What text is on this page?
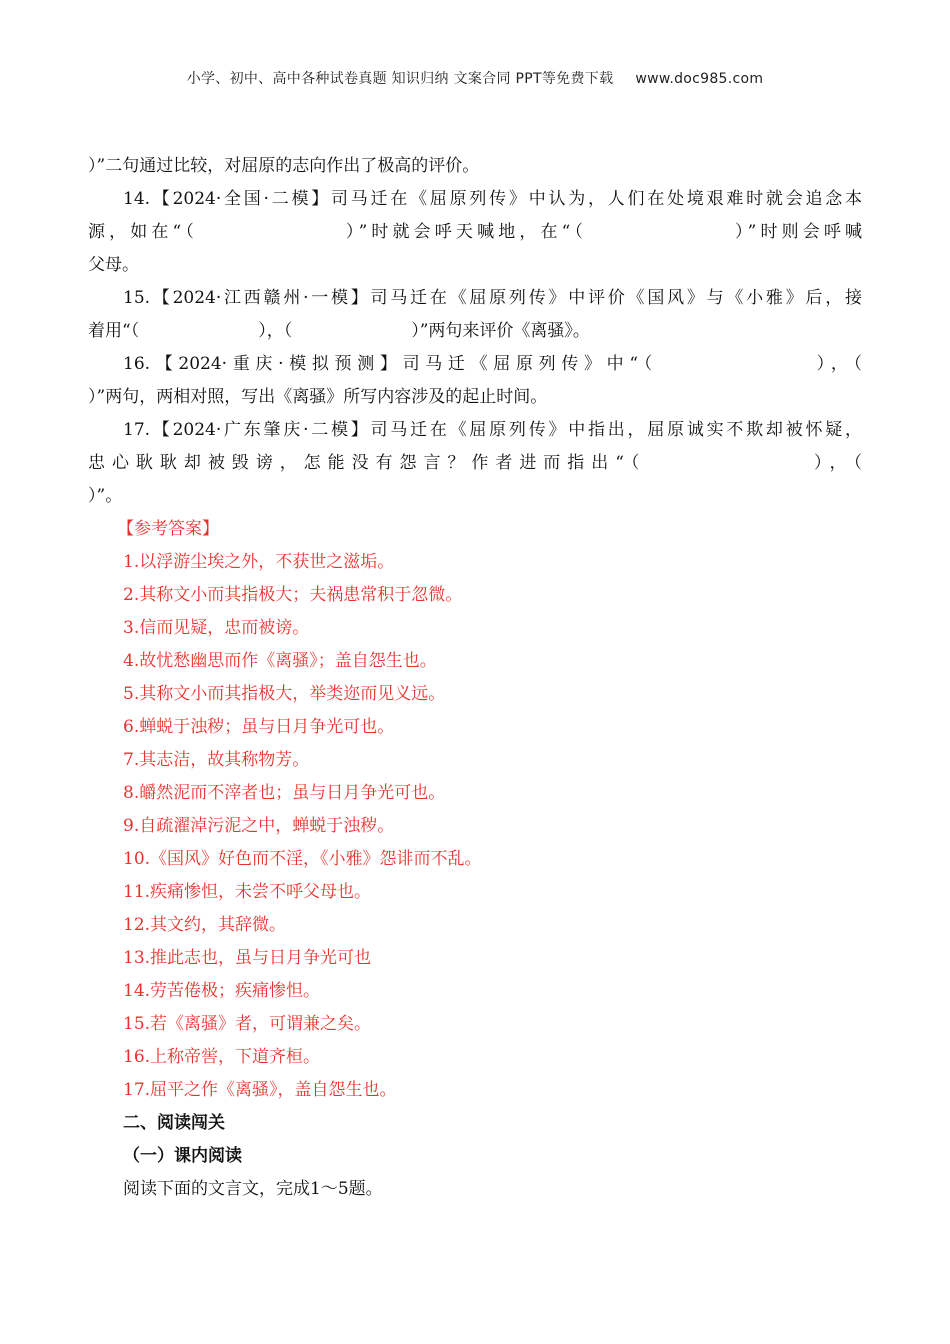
小学、初中、高中各种试卷真题 知识归纳 文案合同 PPT等免费下载 www.doc985.com

）”二句通过比较，对屈原的志向作出了极高的评价。

14.【2024·全国·二模】司马迁在《屈原列传》中认为，人们在处境艰难时就会追念本

源，如在“（　　　　　　　）”时就会呼天喊地，在“（　　　　　　　）”时则会呼喊

父母。

15.【2024·江西赣州·一模】司马迁在《屈原列传》中评价《国风》与《小雅》后，接

着用“（　　　　　　　），（　　　　　　　）”两句来评价《离骚》。

16.【2024·重庆·模拟预测】司马迁《屈原列传》中“（　　　　　　　），（

）”两句，两相对照，写出《离骚》所写内容涉及的起止时间。

17.【2024·广东肇庆·二模】司马迁在《屈原列传》中指出，屈原诚实不欺却被怀疑，

忠心耿耿却被毁谤，怎能没有怨言？作者进而指出“（　　　　　　　），（

）”。

【参考答案】

1.以浮游尘埃之外，不获世之滋垢。

2.其称文小而其指极大；夫祸患常积于忽微。

3.信而见疑，忠而被谤。

4.故忧愁幽思而作《离骚》；盖自怨生也。

5.其称文小而其指极大，举类迩而见义远。

6.蝉蜕于浊秽；虽与日月争光可也。

7.其志洁，故其称物芳。

8.皭然泥而不滓者也；虽与日月争光可也。

9.自疏濯淖污泥之中，蝉蜕于浊秽。

10.《国风》好色而不淫，《小雅》怨诽而不乱。

11.疾痛惨怛，未尝不呼父母也。

12.其文约，其辞微。

13.推此志也，虽与日月争光可也

14.劳苦倦极；疾痛惨怛。

15.若《离骚》者，可谓兼之矣。

16.上称帝喾，下道齐桓。

17.屈平之作《离骚》，盖自怨生也。

二、阅读闯关

（一）课内阅读

阅读下面的文言文，完成1～5题。
